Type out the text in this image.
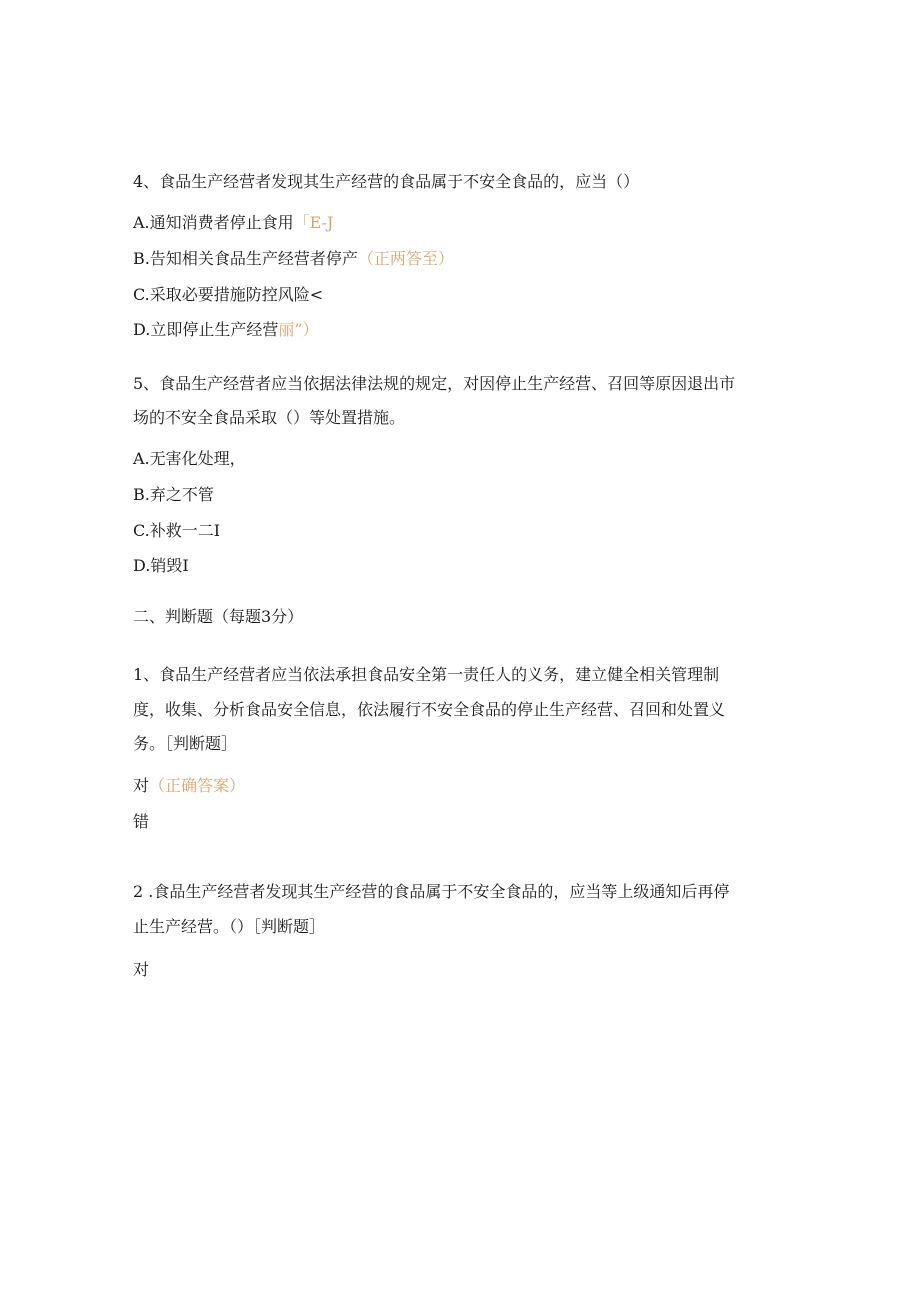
4、食品生产经营者发现其生产经营的食品属于不安全食品的，应当（）
A.通知消费者停止食用「E-J
B.告知相关食品生产经营者停产（正两答至）
C.采取必要措施防控风险<
D.立即停止生产经营丽”）
5、食品生产经营者应当依据法律法规的规定，对因停止生产经营、召回等原因退出市
场的不安全食品采取（）等处置措施。
A.无害化处理，
B.弃之不管
C.补救一二I
D.销毁I
二、判断题（每题3分）
1、食品生产经营者应当依法承担食品安全第一责任人的义务，建立健全相关管理制
度，收集、分析食品安全信息，依法履行不安全食品的停止生产经营、召回和处置义
务。［判断题］
对（正确答案）
错
2 .食品生产经营者发现其生产经营的食品属于不安全食品的，应当等上级通知后再停
止生产经营。（）［判断题］
对
